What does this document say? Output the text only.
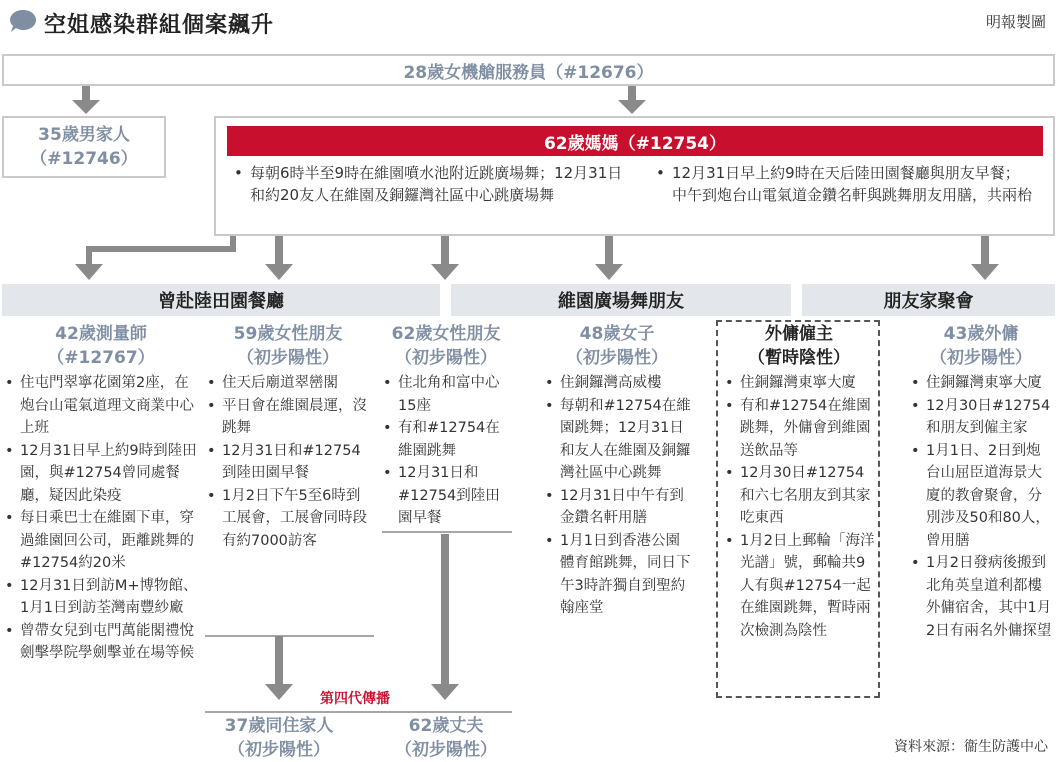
空姐感染群組個案飆升	明報製圖
28歲女機艙服務員（#12676）
35歲男家人
（#12746）
62歲媽媽（#12754）
• 每朝6時半至9時在維園噴水池附近跳廣場舞；12月31日和約20友人在維園及銅鑼灣社區中心跳廣場舞
• 12月31日早上約9時在天后陸田園餐廳與朋友早餐；中午到炮台山電氣道金鑽名軒與跳舞朋友用膳，共兩枱
曾赴陸田園餐廳	維園廣場舞朋友	朋友家聚會
42歲測量師
（#12767）
• 住屯門翠寧花園第2座，在炮台山電氣道理文商業中心上班
• 12月31日早上約9時到陸田園，與#12754曾同處餐廳，疑因此染疫
• 每日乘巴士在維園下車，穿過維園回公司，距離跳舞的#12754約20米
• 12月31日到訪M+博物館、1月1日到訪荃灣南豐紗廠
• 曾帶女兒到屯門萬能閣禮悅劍擊學院學劍擊並在場等候
59歲女性朋友
（初步陽性）
• 住天后廟道翠巒閣
• 平日會在維園晨運，沒跳舞
• 12月31日和#12754到陸田園早餐
• 1月2日下午5至6時到工展會，工展會同時段有約7000訪客
62歲女性朋友
（初步陽性）
• 住北角和富中心15座
• 有和#12754在維園跳舞
• 12月31日和#12754到陸田園早餐
48歲女子
（初步陽性）
• 住銅鑼灣高威樓
• 每朝和#12754在維園跳舞；12月31日和友人在維園及銅鑼灣社區中心跳舞
• 12月31日中午有到金鑽名軒用膳
• 1月1日到香港公園體育館跳舞，同日下午3時許獨自到聖約翰座堂
外傭僱主
（暫時陰性）
• 住銅鑼灣東寧大廈
• 有和#12754在維園跳舞，外傭會到維園送飲品等
• 12月30日#12754和六七名朋友到其家吃東西
• 1月2日上郵輪「海洋光譜」號，郵輪共9人有與#12754一起在維園跳舞，暫時兩次檢測為陰性
43歲外傭
（初步陽性）
• 住銅鑼灣東寧大廈
• 12月30日#12754和朋友到僱主家
• 1月1日、2日到炮台山屈臣道海景大廈的教會聚會，分別涉及50和80人，曾用膳
• 1月2日發病後搬到北角英皇道利都樓外傭宿舍，其中1月2日有兩名外傭探望
第四代傳播
37歲同住家人
（初步陽性）
62歲丈夫
（初步陽性）	資料來源：衞生防護中心
